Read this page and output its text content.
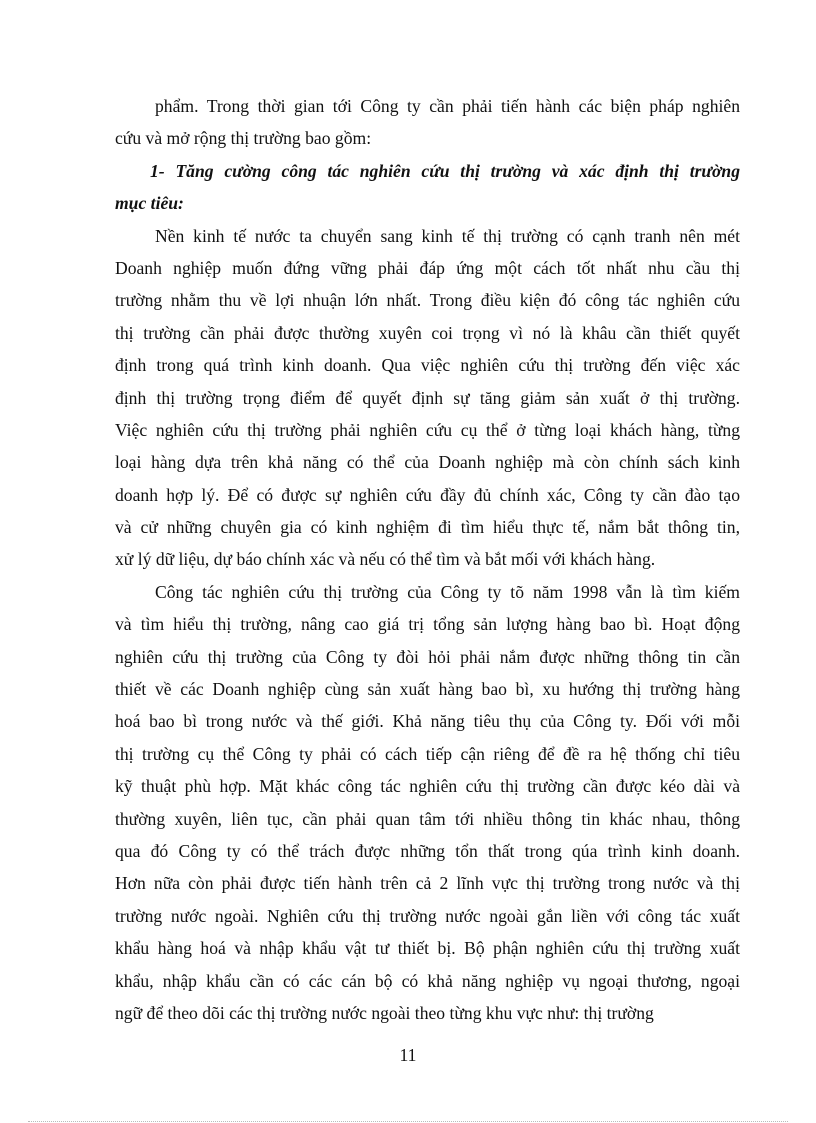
phẩm. Trong thời gian tới Công ty cần phải tiến hành các biện pháp nghiên
cứu và mở rộng thị trường bao gồm:
1- Tăng cường công tác nghiên cứu thị trường và xác định thị trường
mục tiêu:
Nền kinh tế nước ta chuyển sang kinh tế thị trường có cạnh tranh nên mét
Doanh nghiệp muốn đứng vững phải đáp ứng một cách tốt nhất nhu cầu thị
trường nhằm thu về lợi nhuận lớn nhất. Trong điều kiện đó công tác nghiên cứu
thị trường cần phải được thường xuyên coi trọng vì nó là khâu cần thiết quyết
định trong quá trình kinh doanh. Qua việc nghiên cứu thị trường đến việc xác
định thị trường trọng điểm để quyết định sự tăng giảm sản xuất ở thị trường.
Việc nghiên cứu thị trường phải nghiên cứu cụ thể ở từng loại khách hàng, từng
loại hàng dựa trên khả năng có thể của Doanh nghiệp mà còn chính sách kinh
doanh hợp lý. Để có được sự nghiên cứu đầy đủ chính xác, Công ty cần đào tạo
và cử những chuyên gia có kinh nghiệm đi tìm hiểu thực tế, nắm bắt thông tin,
xử lý dữ liệu, dự báo chính xác và nếu có thể tìm và bắt mối với khách hàng.
Công tác nghiên cứu thị trường của Công ty tõ năm 1998 vẫn là tìm kiếm
và tìm hiểu thị trường, nâng cao giá trị tổng sản lượng hàng bao bì. Hoạt động
nghiên cứu thị trường của Công ty đòi hỏi phải nắm được những thông tin cần
thiết về các Doanh nghiệp cùng sản xuất hàng bao bì, xu hướng thị trường hàng
hoá bao bì trong nước và thế giới. Khả năng tiêu thụ của Công ty. Đối với mỗi
thị trường cụ thể Công ty phải có cách tiếp cận riêng để đề ra hệ thống chỉ tiêu
kỹ thuật phù hợp. Mặt khác công tác nghiên cứu thị trường cần được kéo dài và
thường xuyên, liên tục, cần phải quan tâm tới nhiều thông tin khác nhau, thông
qua đó Công ty có thể trách được những tổn thất trong qúa trình kinh doanh.
Hơn nữa còn phải được tiến hành trên cả 2 lĩnh vực thị trường trong nước và thị
trường nước ngoài. Nghiên cứu thị trường nước ngoài gắn liền với công tác xuất
khẩu hàng hoá và nhập khẩu vật tư thiết bị. Bộ phận nghiên cứu thị trường xuất
khẩu, nhập khẩu cần có các cán bộ có khả năng nghiệp vụ ngoại thương, ngoại
ngữ để theo dõi các thị trường nước ngoài theo từng khu vực như: thị trường
11
